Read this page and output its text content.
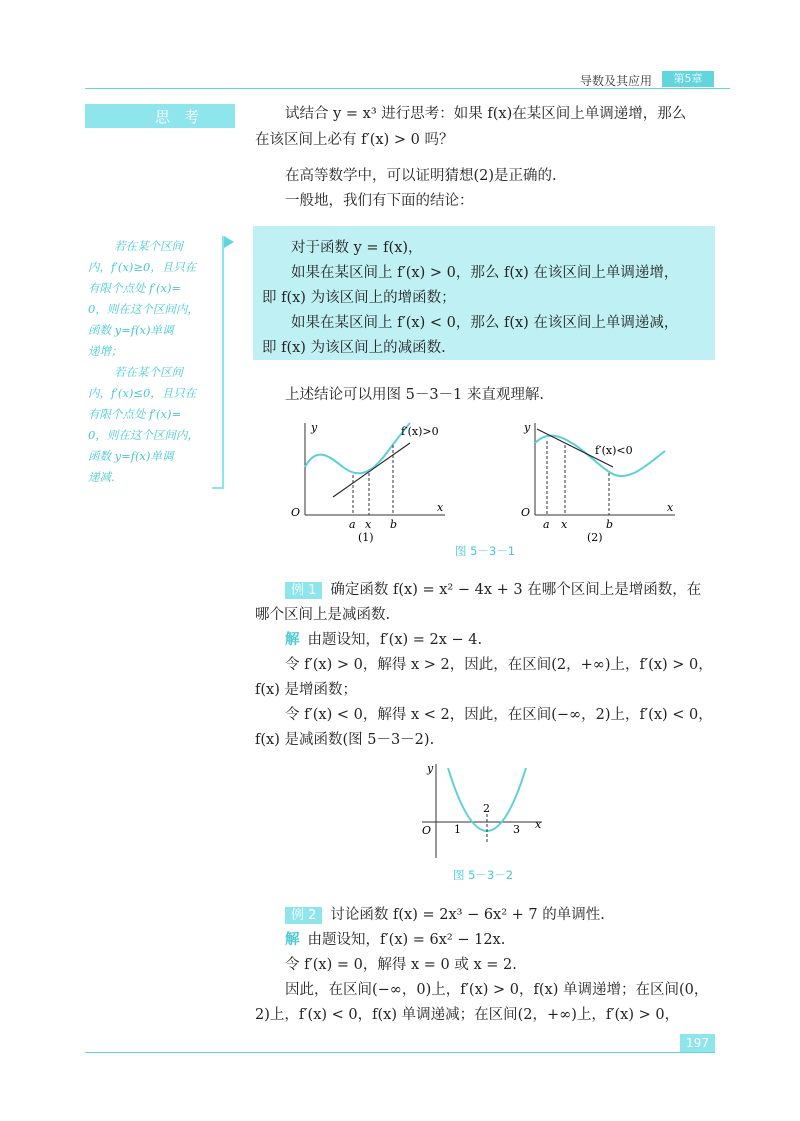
导数及其应用	第5章
思考	试结合 y = x³ 进行思考：如果 f(x)在某区间上单调递增，那么
在该区间上必有 f′(x) > 0 吗？
在高等数学中，可以证明猜想(2)是正确的.
一般地，我们有下面的结论：
若在某个区间
内，f′(x)≥0，且只在
有限个点处 f′(x)=
0，则在这个区间内，
函数 y=f(x)单调
递增；
若在某个区间
内，f′(x)≤0，且只在
有限个点处 f′(x)=
0，则在这个区间内，
函数 y=f(x)单调
递减.
对于函数 y = f(x)，
如果在某区间上 f′(x) > 0，那么 f(x) 在该区间上单调递增，
即 f(x) 为该区间上的增函数；
如果在某区间上 f′(x) < 0，那么 f(x) 在该区间上单调递减，
即 f(x) 为该区间上的减函数.
上述结论可以用图 5－3－1 来直观理解.
O
y
x
a x b
f′(x)>0
(1)
O
y
x
a x	b
f′(x)<0
(2)
图 5－3－1
例 1 确定函数 f(x) = x² − 4x + 3 在哪个区间上是增函数，在
哪个区间上是减函数.
解 由题设知，f′(x) = 2x − 4.
令 f′(x) > 0，解得 x > 2，因此，在区间(2，+∞)上，f′(x) > 0，
f(x) 是增函数；
令 f′(x) < 0，解得 x < 2，因此，在区间(−∞，2)上，f′(x) < 0，
f(x) 是减函数(图 5－3－2).
y
O	x
1
2
3
图 5－3－2
例 2 讨论函数 f(x) = 2x³ − 6x² + 7 的单调性.
解 由题设知，f′(x) = 6x² − 12x.
令 f′(x) = 0，解得 x = 0 或 x = 2.
因此，在区间(−∞，0)上，f′(x) > 0，f(x) 单调递增；在区间(0，
2)上，f′(x) < 0，f(x) 单调递减；在区间(2，+∞)上，f′(x) > 0，
197
